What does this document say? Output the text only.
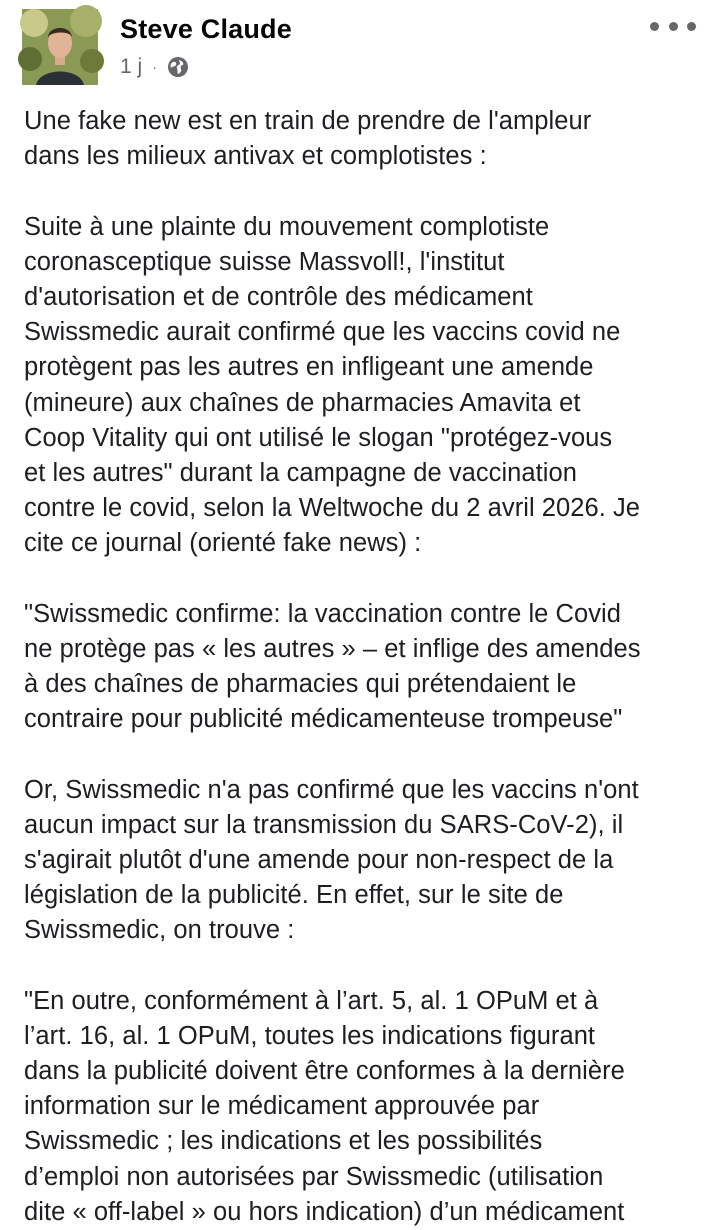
Steve Claude
1 j ·
Une fake new est en train de prendre de l'ampleur
dans les milieux antivax et complotistes :
Suite à une plainte du mouvement complotiste
coronasceptique suisse Massvoll!, l'institut
d'autorisation et de contrôle des médicament
Swissmedic aurait confirmé que les vaccins covid ne
protègent pas les autres en infligeant une amende
(mineure) aux chaînes de pharmacies Amavita et
Coop Vitality qui ont utilisé le slogan "protégez-vous
et les autres" durant la campagne de vaccination
contre le covid, selon la Weltwoche du 2 avril 2026. Je
cite ce journal (orienté fake news) :
"Swissmedic confirme: la vaccination contre le Covid
ne protège pas « les autres » – et inflige des amendes
à des chaînes de pharmacies qui prétendaient le
contraire pour publicité médicamenteuse trompeuse"
Or, Swissmedic n'a pas confirmé que les vaccins n'ont
aucun impact sur la transmission du SARS-CoV-2), il
s'agirait plutôt d'une amende pour non-respect de la
législation de la publicité. En effet, sur le site de
Swissmedic, on trouve :
"En outre, conformément à l’art. 5, al. 1 OPuM et à
l’art. 16, al. 1 OPuM, toutes les indications figurant
dans la publicité doivent être conformes à la dernière
information sur le médicament approuvée par
Swissmedic ; les indications et les possibilités
d’emploi non autorisées par Swissmedic (utilisation
dite « off-label » ou hors indication) d’un médicament
